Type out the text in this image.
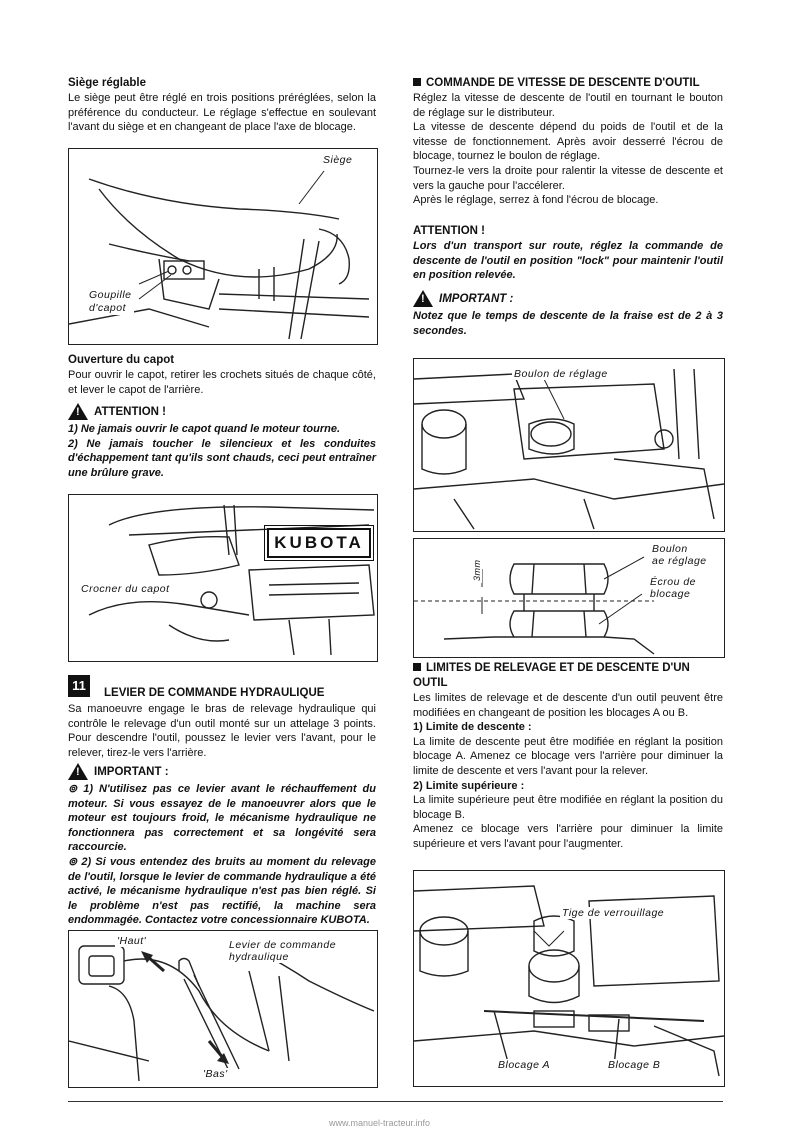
Siège réglable

Le siège peut être réglé en trois positions préréglées, selon la préférence du conducteur. Le réglage s'effectue en soulevant l'avant du siège et en changeant de place l'axe de blocage.

Siège
Goupille
d'capot

Ouverture du capot

Pour ouvrir le capot, retirer les crochets situés de chaque côté, et lever le capot de l'arrière.

!
ATTENTION !

1) Ne jamais ouvrir le capot quand le moteur tourne.

2) Ne jamais toucher le silencieux et les conduites d'échappement tant qu'ils sont chauds, ceci peut entraîner une brûlure grave.

KUBOTA
Crocner du capot
11	LEVIER DE COMMANDE HYDRAULIQUE

Sa manoeuvre engage le bras de relevage hydraulique qui contrôle le relevage d'un outil monté sur un attelage 3 points. Pour descendre l'outil, poussez le levier vers l'avant, pour le relever, tirez-le vers l'arrière.

!
IMPORTANT :

⊚ 1) N'utilisez pas ce levier avant le réchauffement du moteur. Si vous essayez de le manoeuvrer alors que le moteur est toujours froid, le mécanisme hydraulique ne fonctionnera pas correctement et sa longévité sera raccourcie.

⊚ 2) Si vous entendez des bruits au moment du relevage de l'outil, lorsque le levier de commande hydraulique a été activé, le mécanisme hydraulique n'est pas bien réglé. Si le problème n'est pas rectifié, la machine sera endommagée. Contactez votre concessionnaire KUBOTA.

'Haut'	Levier de commande
hydraulique
'Bas'

COMMANDE DE VITESSE DE DESCENTE D'OUTIL

Réglez la vitesse de descente de l'outil en tournant le bouton de réglage sur le distributeur.

La vitesse de descente dépend du poids de l'outil et de la vitesse de fonctionnement. Après avoir desserré l'écrou de blocage, tournez le boulon de réglage.

Tournez-le vers la droite pour ralentir la vitesse de descente et vers la gauche pour l'accélerer.

Après le réglage, serrez à fond l'écrou de blocage.

ATTENTION !

Lors d'un transport sur route, réglez la commande de descente de l'outil en position "lock" pour maintenir l'outil en position relevée.

!
IMPORTANT :

Notez que le temps de descente de la fraise est de 2 à 3 secondes.

Boulon de réglage
Boulon
ae réglage
Écrou de
blocage
3mm

LIMITES DE RELEVAGE ET DE DESCENTE D'UN OUTIL

Les limites de relevage et de descente d'un outil peuvent être modifiées en changeant de position les blocages A ou B.

1) Limite de descente :

La limite de descente peut être modifiée en réglant la position blocage A. Amenez ce blocage vers l'arrière pour diminuer la limite de descente et vers l'avant pour la relever.

2) Limite supérieure :

La limite supérieure peut être modifiée en réglant la position du blocage B.

Amenez ce blocage vers l'arrière pour diminuer la limite supérieure et vers l'avant pour l'augmenter.

Tige de verrouillage
Blocage A	Blocage B
www.manuel-tracteur.info
